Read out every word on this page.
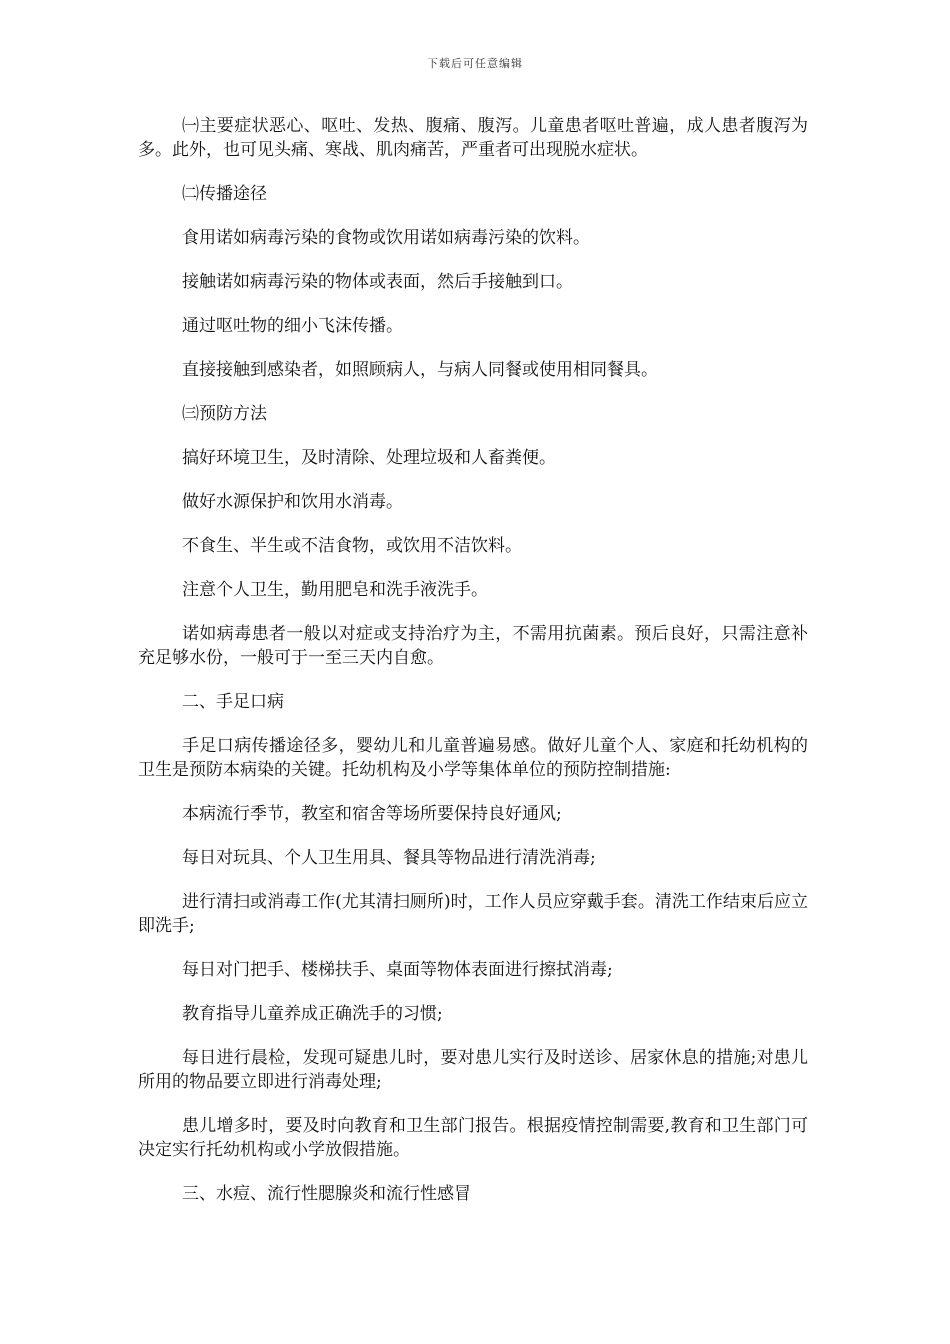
下载后可任意编辑

㈠主要症状恶心、呕吐、发热、腹痛、腹泻。儿童患者呕吐普遍，成人患者腹泻为多。此外，也可见头痛、寒战、肌肉痛苦，严重者可出现脱水症状。

㈡传播途径

食用诺如病毒污染的食物或饮用诺如病毒污染的饮料。

接触诺如病毒污染的物体或表面，然后手接触到口。

通过呕吐物的细小飞沫传播。

直接接触到感染者，如照顾病人，与病人同餐或使用相同餐具。

㈢预防方法

搞好环境卫生，及时清除、处理垃圾和人畜粪便。

做好水源保护和饮用水消毒。

不食生、半生或不洁食物，或饮用不洁饮料。

注意个人卫生，勤用肥皂和洗手液洗手。

诺如病毒患者一般以对症或支持治疗为主，不需用抗菌素。预后良好，只需注意补充足够水份，一般可于一至三天内自愈。

二、手足口病

手足口病传播途径多，婴幼儿和儿童普遍易感。做好儿童个人、家庭和托幼机构的卫生是预防本病染的关键。托幼机构及小学等集体单位的预防控制措施:

本病流行季节，教室和宿舍等场所要保持良好通风;

每日对玩具、个人卫生用具、餐具等物品进行清洗消毒;

进行清扫或消毒工作(尤其清扫厕所)时，工作人员应穿戴手套。清洗工作结束后应立即洗手;

每日对门把手、楼梯扶手、桌面等物体表面进行擦拭消毒;

教育指导儿童养成正确洗手的习惯;

每日进行晨检，发现可疑患儿时，要对患儿实行及时送诊、居家休息的措施;对患儿所用的物品要立即进行消毒处理;

患儿增多时，要及时向教育和卫生部门报告。根据疫情控制需要,教育和卫生部门可决定实行托幼机构或小学放假措施。

三、水痘、流行性腮腺炎和流行性感冒
